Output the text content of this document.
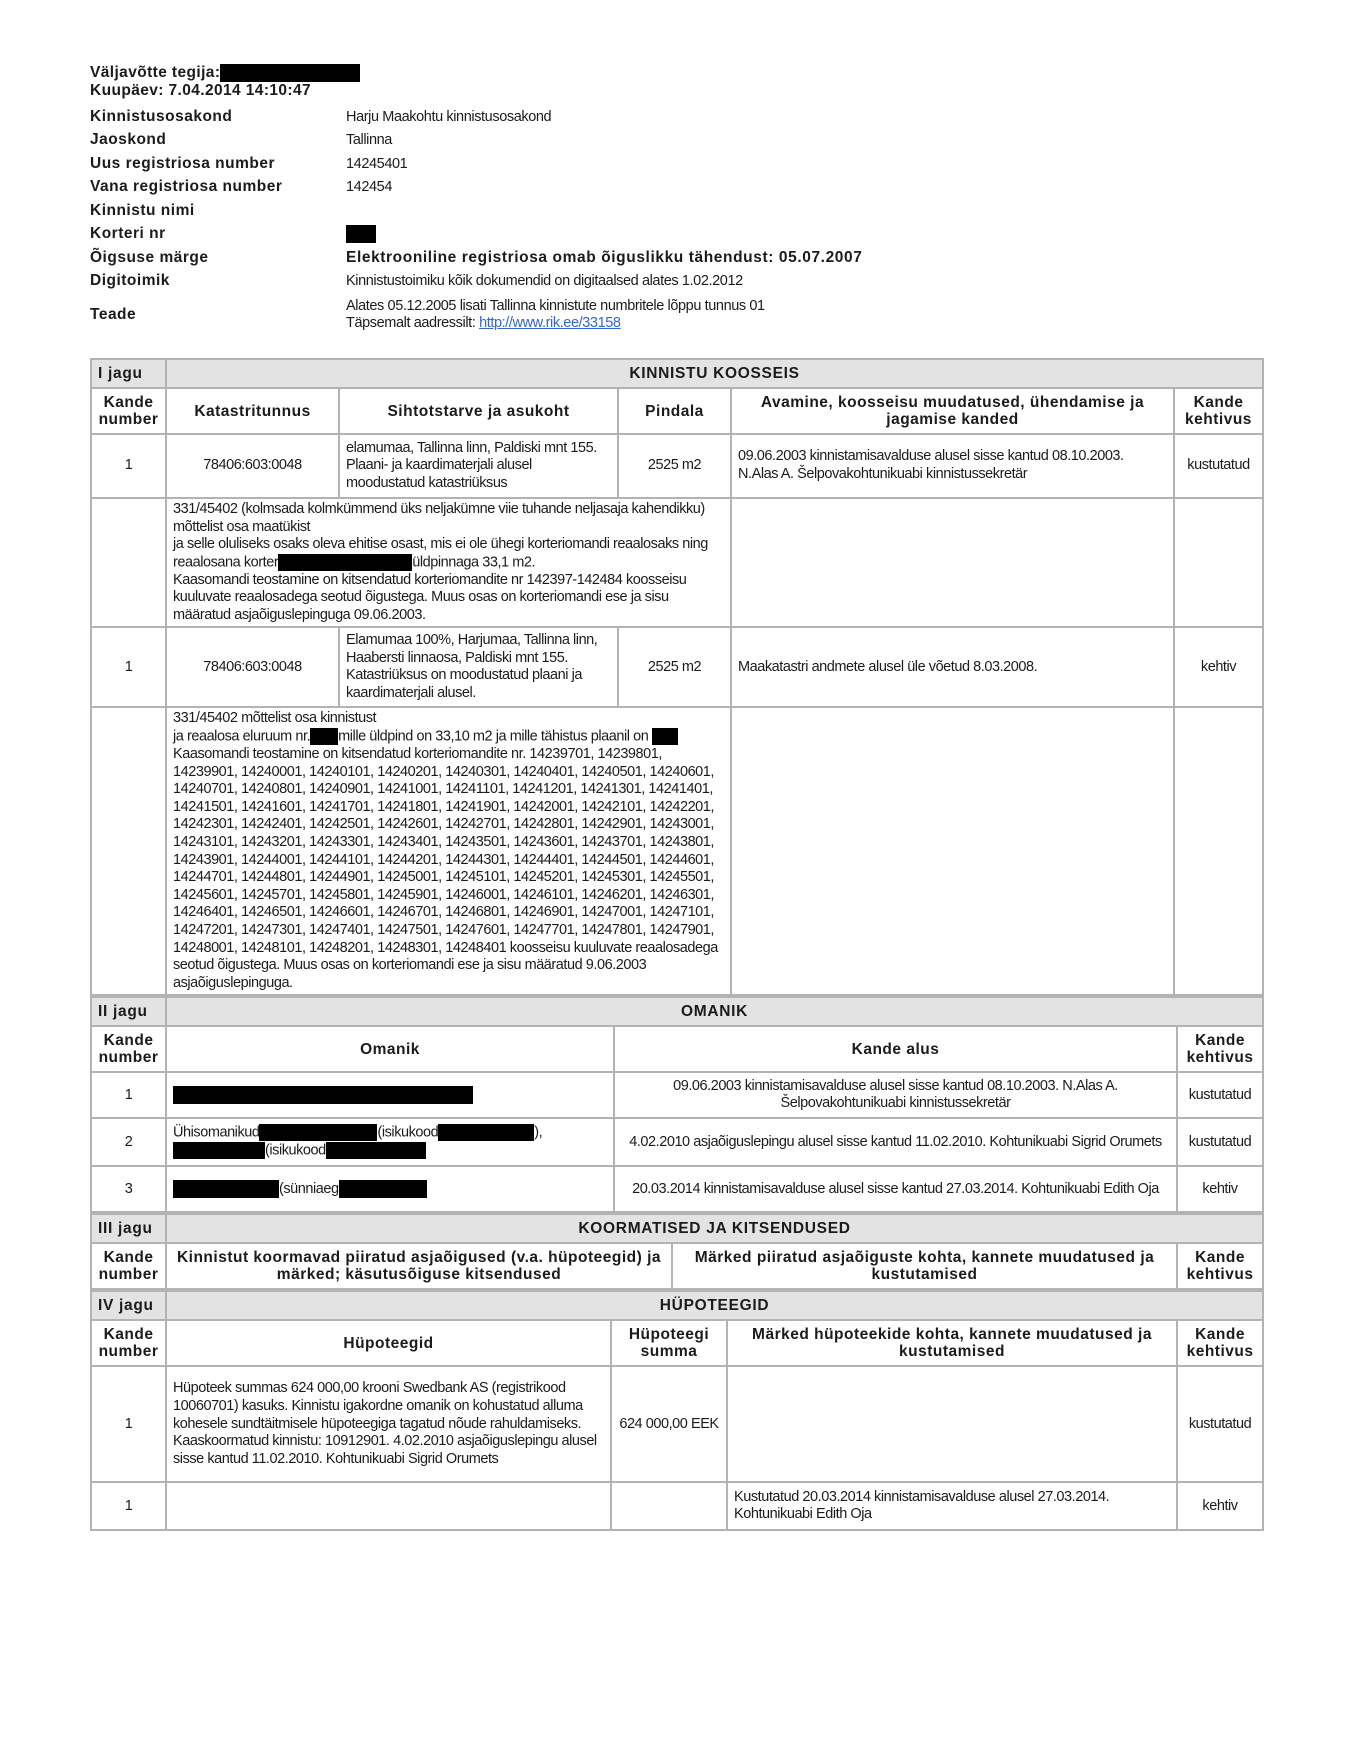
Väljavõtte tegija:
Kuupäev: 7.04.2014 14:10:47
Kinnistusosakond	Harju Maakohtu kinnistusosakond
Jaoskond	Tallinna
Uus registriosa number	14245401
Vana registriosa number	142454
Kinnistu nimi
Korteri nr
Õigsuse märge	Elektrooniline registriosa omab õiguslikku tähendust: 05.07.2007
Digitoimik	Kinnistustoimiku kõik dokumendid on digitaalsed alates 1.02.2012
Teade	Alates 05.12.2005 lisati Tallinna kinnistute numbritele lõppu tunnus 01
Täpsemalt aadressilt: http://www.rik.ee/33158
I jagu	KINNISTU KOOSSEIS				
Kande number	Katastritunnus	Sihtotstarve ja asukoht	Pindala	Avamine, koosseisu muudatused, ühendamise ja jagamise kanded	Kande kehtivus
1	78406:603:0048	elamumaa, Tallinna linn, Paldiski mnt 155. Plaani- ja kaardimaterjali alusel moodustatud katastriüksus	2525 m2	09.06.2003 kinnistamisavalduse alusel sisse kantud 08.10.2003. N.Alas A. Šelpovakohtunikuabi kinnistussekretär	kustutatud

	331/45402 (kolmsada kolmkümmend üks neljakümne viie tuhande neljasaja kahendikku) mõttelist osa maatükist
ja selle oluliseks osaks oleva ehitise osast, mis ei ole ühegi korteriomandi reaalosaks ning reaalosana korter üldpinnaga 33,1 m2.
Kaasomandi teostamine on kitsendatud korteriomandite nr 142397-142484 koosseisu kuuluvate reaalosadega seotud õigustega. Muus osas on korteriomandi ese ja sisu määratud asjaõiguslepinguga 09.06.2003.				

1	78406:603:0048	Elamumaa 100%, Harjumaa, Tallinna linn, Haabersti linnaosa, Paldiski mnt 155. Katastriüksus on moodustatud plaani ja kaardimaterjali alusel.	2525 m2	Maakatastri andmete alusel üle võetud 8.03.2008.	kehtiv

	331/45402 mõttelist osa kinnistust
ja reaalosa eluruum nr. mille üldpind on 33,10 m2 ja mille tähistus plaanil on
Kaasomandi teostamine on kitsendatud korteriomandite nr. 14239701, 14239801, 14239901, 14240001, 14240101, 14240201, 14240301, 14240401, 14240501, 14240601, 14240701, 14240801, 14240901, 14241001, 14241101, 14241201, 14241301, 14241401, 14241501, 14241601, 14241701, 14241801, 14241901, 14242001, 14242101, 14242201, 14242301, 14242401, 14242501, 14242601, 14242701, 14242801, 14242901, 14243001, 14243101, 14243201, 14243301, 14243401, 14243501, 14243601, 14243701, 14243801, 14243901, 14244001, 14244101, 14244201, 14244301, 14244401, 14244501, 14244601, 14244701, 14244801, 14244901, 14245001, 14245101, 14245201, 14245301, 14245501, 14245601, 14245701, 14245801, 14245901, 14246001, 14246101, 14246201, 14246301, 14246401, 14246501, 14246601, 14246701, 14246801, 14246901, 14247001, 14247101, 14247201, 14247301, 14247401, 14247501, 14247601, 14247701, 14247801, 14247901, 14248001, 14248101, 14248201, 14248301, 14248401 koosseisu kuuluvate reaalosadega seotud õigustega. Muus osas on korteriomandi ese ja sisu määratud 9.06.2003 asjaõiguslepinguga.				

II jagu	OMANIK		
Kande number	Omanik	Kande alus	Kande kehtivus
1		09.06.2003 kinnistamisavalduse alusel sisse kantud 08.10.2003. N.Alas A. Šelpovakohtunikuabi kinnistussekretär	kustutatud
2	Ühisomanikud (isikukood ),
(isikukood	4.02.2010 asjaõiguslepingu alusel sisse kantud 11.02.2010. Kohtunikuabi Sigrid Orumets	kustutatud
3	(sünniaeg	20.03.2014 kinnistamisavalduse alusel sisse kantud 27.03.2014. Kohtunikuabi Edith Oja	kehtiv
III jagu	KOORMATISED JA KITSENDUSED		
Kande number	Kinnistut koormavad piiratud asjaõigused (v.a. hüpoteegid) ja märked; käsutusõiguse kitsendused	Märked piiratud asjaõiguste kohta, kannete muudatused ja kustutamised	Kande kehtivus
IV jagu	HÜPOTEEGID			
Kande number	Hüpoteegid	Hüpoteegi summa	Märked hüpoteekide kohta, kannete muudatused ja kustutamised	Kande kehtivus
1	Hüpoteek summas 624 000,00 krooni Swedbank AS (registrikood 10060701) kasuks. Kinnistu igakordne omanik on kohustatud alluma kohesele sundtäitmisele hüpoteegiga tagatud nõude rahuldamiseks. Kaaskoormatud kinnistu: 10912901. 4.02.2010 asjaõiguslepingu alusel sisse kantud 11.02.2010. Kohtunikuabi Sigrid Orumets	624 000,00 EEK		kustutatud
1			Kustutatud 20.03.2014 kinnistamisavalduse alusel 27.03.2014. Kohtunikuabi Edith Oja	kehtiv
